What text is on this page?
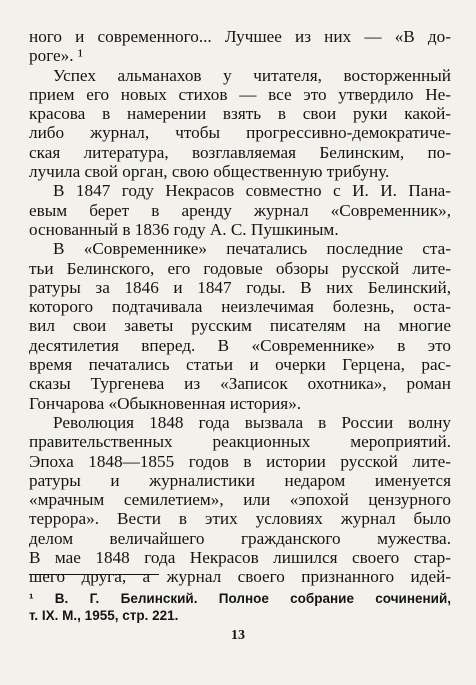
ного и современного... Лучшее из них — «В до-
роге». ¹
Успех альманахов у читателя, восторженный
прием его новых стихов — все это утвердило Не-
красова в намерении взять в свои руки какой-
либо журнал, чтобы прогрессивно-демократиче-
ская литература, возглавляемая Белинским, по-
лучила свой орган, свою общественную трибуну.
В 1847 году Некрасов совместно с И. И. Пана-
евым берет в аренду журнал «Современник»,
основанный в 1836 году А. С. Пушкиным.
В «Современнике» печатались последние ста-
тьи Белинского, его годовые обзоры русской лите-
ратуры за 1846 и 1847 годы. В них Белинский,
которого подтачивала неизлечимая болезнь, оста-
вил свои заветы русским писателям на многие
десятилетия вперед. В «Современнике» в это
время печатались статьи и очерки Герцена, рас-
сказы Тургенева из «Записок охотника», роман
Гончарова «Обыкновенная история».
Революция 1848 года вызвала в России волну
правительственных реакционных мероприятий.
Эпоха 1848—1855 годов в истории русской лите-
ратуры и журналистики недаром именуется
«мрачным семилетием», или «эпохой цензурного
террора». Вести в этих условиях журнал было
делом величайшего гражданского мужества.
В мае 1848 года Некрасов лишился своего стар-
шего друга, а журнал своего признанного идей-
¹ В. Г. Белинский. Полное собрание сочинений,
т. IX. М., 1955, стр. 221.
13
